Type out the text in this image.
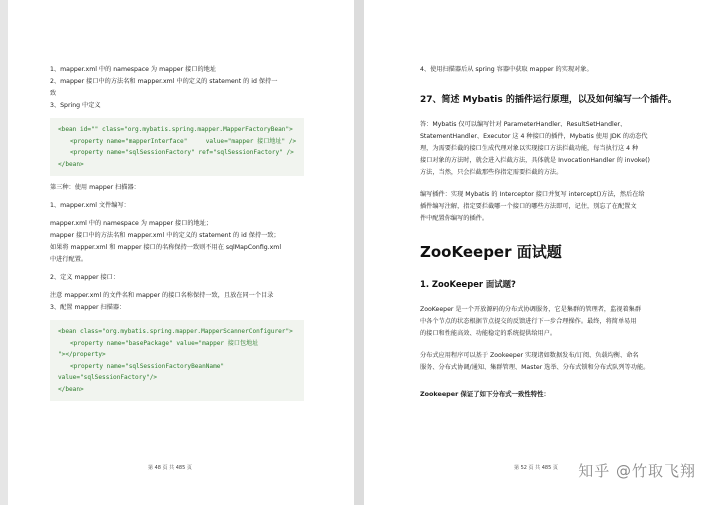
1、mapper.xml 中的 namespace 为 mapper 接口的地址

2、mapper 接口中的方法名和 mapper.xml 中的定义的 statement 的 id 保持一

致

3、Spring 中定义

<bean id="" class="org.mybatis.spring.mapper.MapperFactoryBean">
<property name="mapperInterface"     value="mapper 接口地址" />
<property name="sqlSessionFactory" ref="sqlSessionFactory" />
</bean>

第三种：使用 mapper 扫描器：

1、mapper.xml 文件编写：

mapper.xml 中的 namespace 为 mapper 接口的地址；

mapper 接口中的方法名和 mapper.xml 中的定义的 statement 的 id 保持一致；

如果将 mapper.xml 和 mapper 接口的名称保持一致则不用在 sqlMapConfig.xml

中进行配置。

2、定义 mapper 接口：

注意 mapper.xml 的文件名和 mapper 的接口名称保持一致，且放在同一个目录

3、配置 mapper 扫描器：

<bean class="org.mybatis.spring.mapper.MapperScannerConfigurer">
<property name="basePackage" value="mapper 接口包地址
"></property>
<property name="sqlSessionFactoryBeanName"
value="sqlSessionFactory"/>
</bean>
第 48 页 共 485 页

4、使用扫描器后从 spring 容器中获取 mapper 的实现对象。

27、简述 Mybatis 的插件运行原理，以及如何编写一个插件。

答：Mybatis 仅可以编写针对 ParameterHandler、ResultSetHandler、

StatementHandler、Executor 这 4 种接口的插件，Mybatis 使用 JDK 的动态代

理，为需要拦截的接口生成代理对象以实现接口方法拦截功能，每当执行这 4 种

接口对象的方法时，就会进入拦截方法，具体就是 InvocationHandler 的 invoke()

方法，当然，只会拦截那些你指定需要拦截的方法。

编写插件：实现 Mybatis 的 Interceptor 接口并复写 intercept()方法，然后在给

插件编写注解，指定要拦截哪一个接口的哪些方法即可，记住，别忘了在配置文

件中配置你编写的插件。

ZooKeeper 面试题
1. ZooKeeper 面试题?

ZooKeeper 是一个开放源码的分布式协调服务，它是集群的管理者，监视着集群

中各个节点的状态根据节点提交的反馈进行下一步合理操作。最终，将简单易用

的接口和性能高效、功能稳定的系统提供给用户。

分布式应用程序可以基于 Zookeeper 实现诸如数据发布/订阅、负载均衡、命名

服务、分布式协调/通知、集群管理、Master 选举、分布式锁和分布式队列等功能。

Zookeeper 保证了如下分布式一致性特性：

第 52 页 共 485 页 知乎 @竹取飞翔
